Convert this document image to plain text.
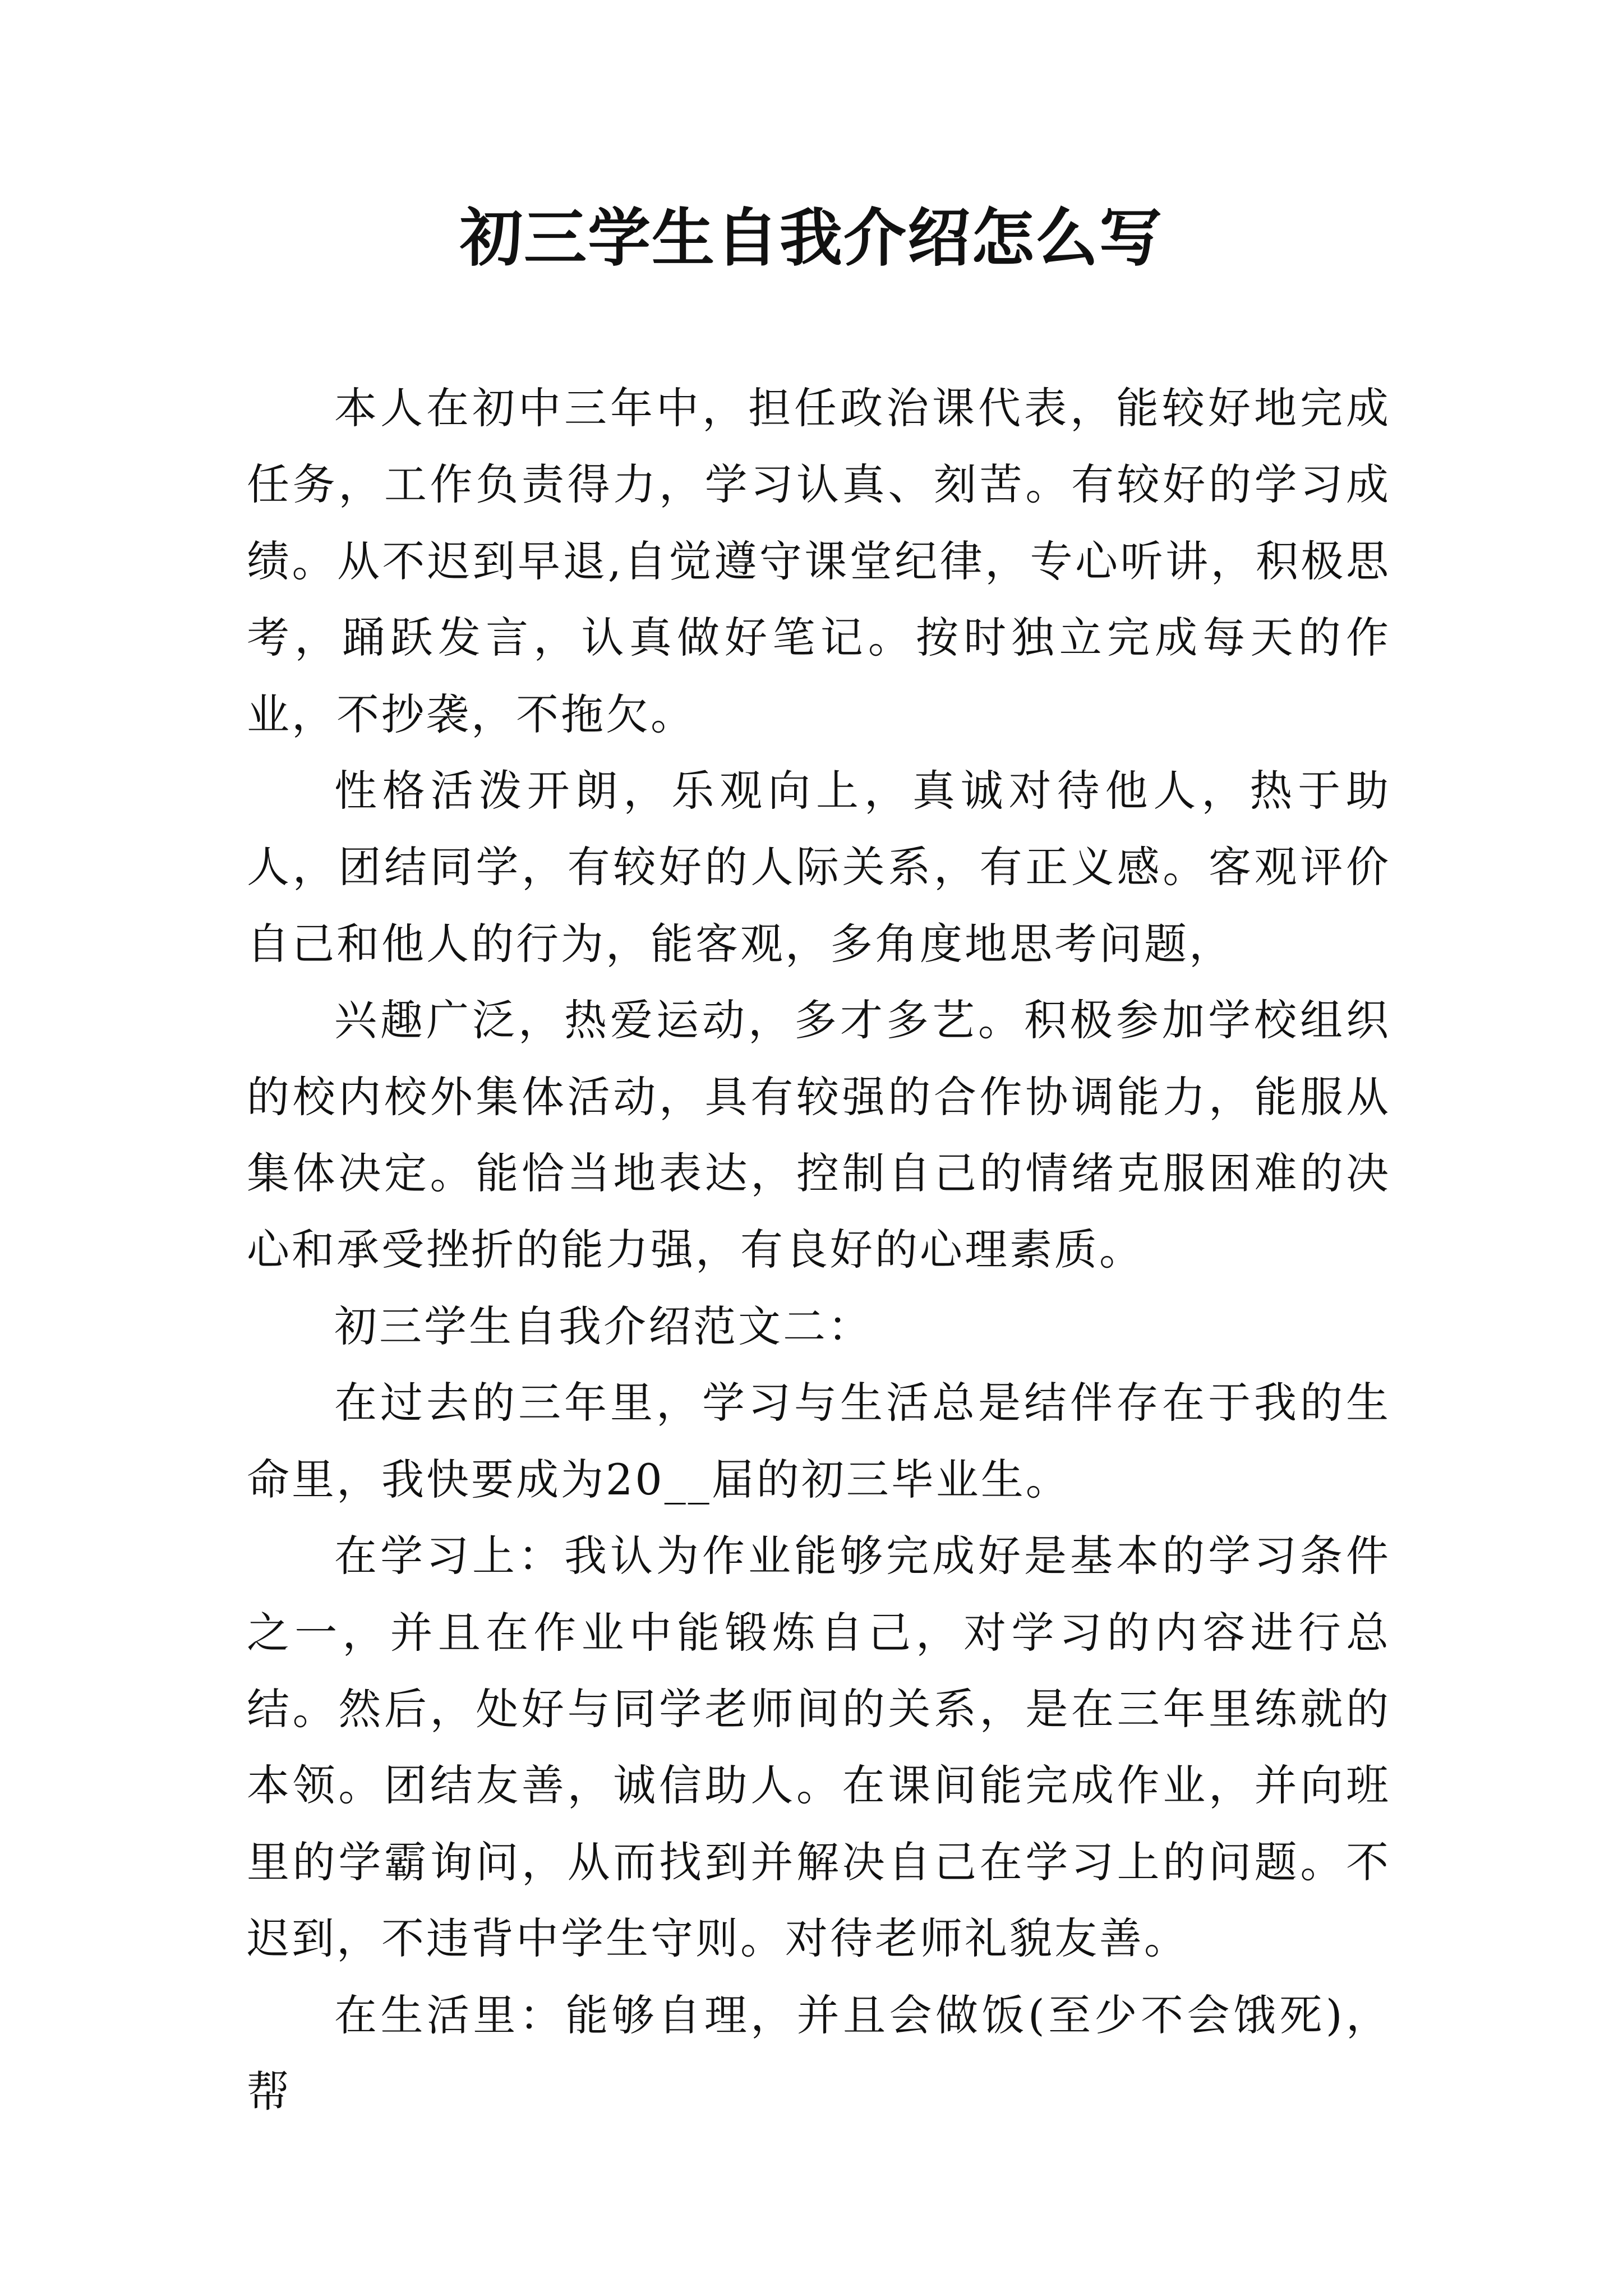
初三学生自我介绍怎么写

本人在初中三年中，担任政治课代表，能较好地完成任务，工作负责得力，学习认真、刻苦。有较好的学习成绩。从不迟到早退,自觉遵守课堂纪律，专心听讲，积极思考，踊跃发言，认真做好笔记。按时独立完成每天的作业，不抄袭，不拖欠。

性格活泼开朗，乐观向上，真诚对待他人，热于助人，团结同学，有较好的人际关系，有正义感。客观评价自己和他人的行为，能客观，多角度地思考问题，

兴趣广泛，热爱运动，多才多艺。积极参加学校组织的校内校外集体活动，具有较强的合作协调能力，能服从集体决定。能恰当地表达，控制自己的情绪克服困难的决心和承受挫折的能力强，有良好的心理素质。

初三学生自我介绍范文二：

在过去的三年里，学习与生活总是结伴存在于我的生命里，我快要成为20__届的初三毕业生。

在学习上：我认为作业能够完成好是基本的学习条件之一，并且在作业中能锻炼自己，对学习的内容进行总结。然后，处好与同学老师间的关系，是在三年里练就的本领。团结友善，诚信助人。在课间能完成作业，并向班里的学霸询问，从而找到并解决自己在学习上的问题。不迟到，不违背中学生守则。对待老师礼貌友善。

在生活里：能够自理，并且会做饭(至少不会饿死)，帮
